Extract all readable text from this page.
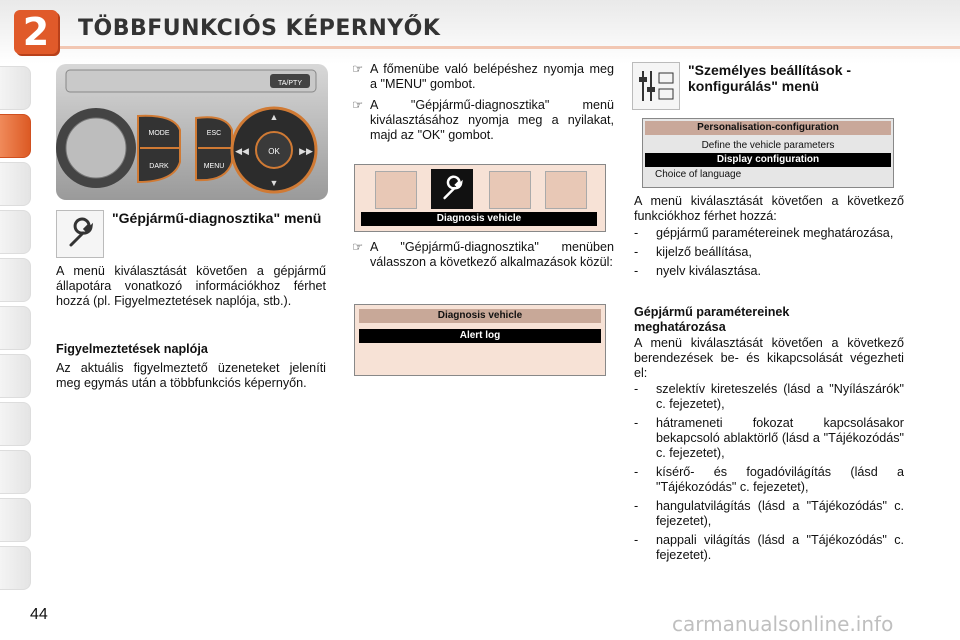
2	TÖBBFUNKCIÓS KÉPERNYŐK
TA/PTY
MODE
DARK
ESC
MENU
OK
▲
▼
◀◀	▶▶
"Gépjármű-diagnosztika" menü
A menü kiválasztását követően a gépjármű állapotára vonatkozó információkhoz férhet hozzá (pl. Figyelmeztetések naplója, stb.).
Figyelmeztetések naplója
Az aktuális figyelmeztető üzeneteket jeleníti meg egymás után a többfunkciós képernyőn.
☞ A főmenübe való belépéshez nyomja meg a "MENU" gombot.
☞ A "Gépjármű-diagnosztika" menü kiválasztásához nyomja meg a nyilakat, majd az "OK" gombot.
Diagnosis vehicle
☞ A "Gépjármű-diagnosztika" menüben válasszon a következő alkalmazások közül:
Diagnosis vehicle
Alert log
"Személyes beállítások - konfigurálás" menü
Personalisation-configuration
Define the vehicle parameters
Display configuration
Choice of language
A menü kiválasztását követően a következő funkciókhoz férhet hozzá:
- gépjármű paramétereinek meghatározása,
- kijelző beállítása,
- nyelv kiválasztása.
Gépjármű paramétereinek meghatározása
A menü kiválasztását követően a következő berendezések be- és kikapcsolását végezheti el:
- szelektív kireteszelés (lásd a "Nyílászárók" c. fejezetet),
- hátrameneti fokozat kapcsolásakor bekapcsoló ablaktörlő (lásd a "Tájékozódás" c. fejezetet),
- kísérő- és fogadóvilágítás (lásd a "Tájékozódás" c. fejezetet),
- hangulatvilágítás (lásd a "Tájékozódás" c. fejezetet),
- nappali világítás (lásd a "Tájékozódás" c. fejezetet).
44	carmanualsonline.info
